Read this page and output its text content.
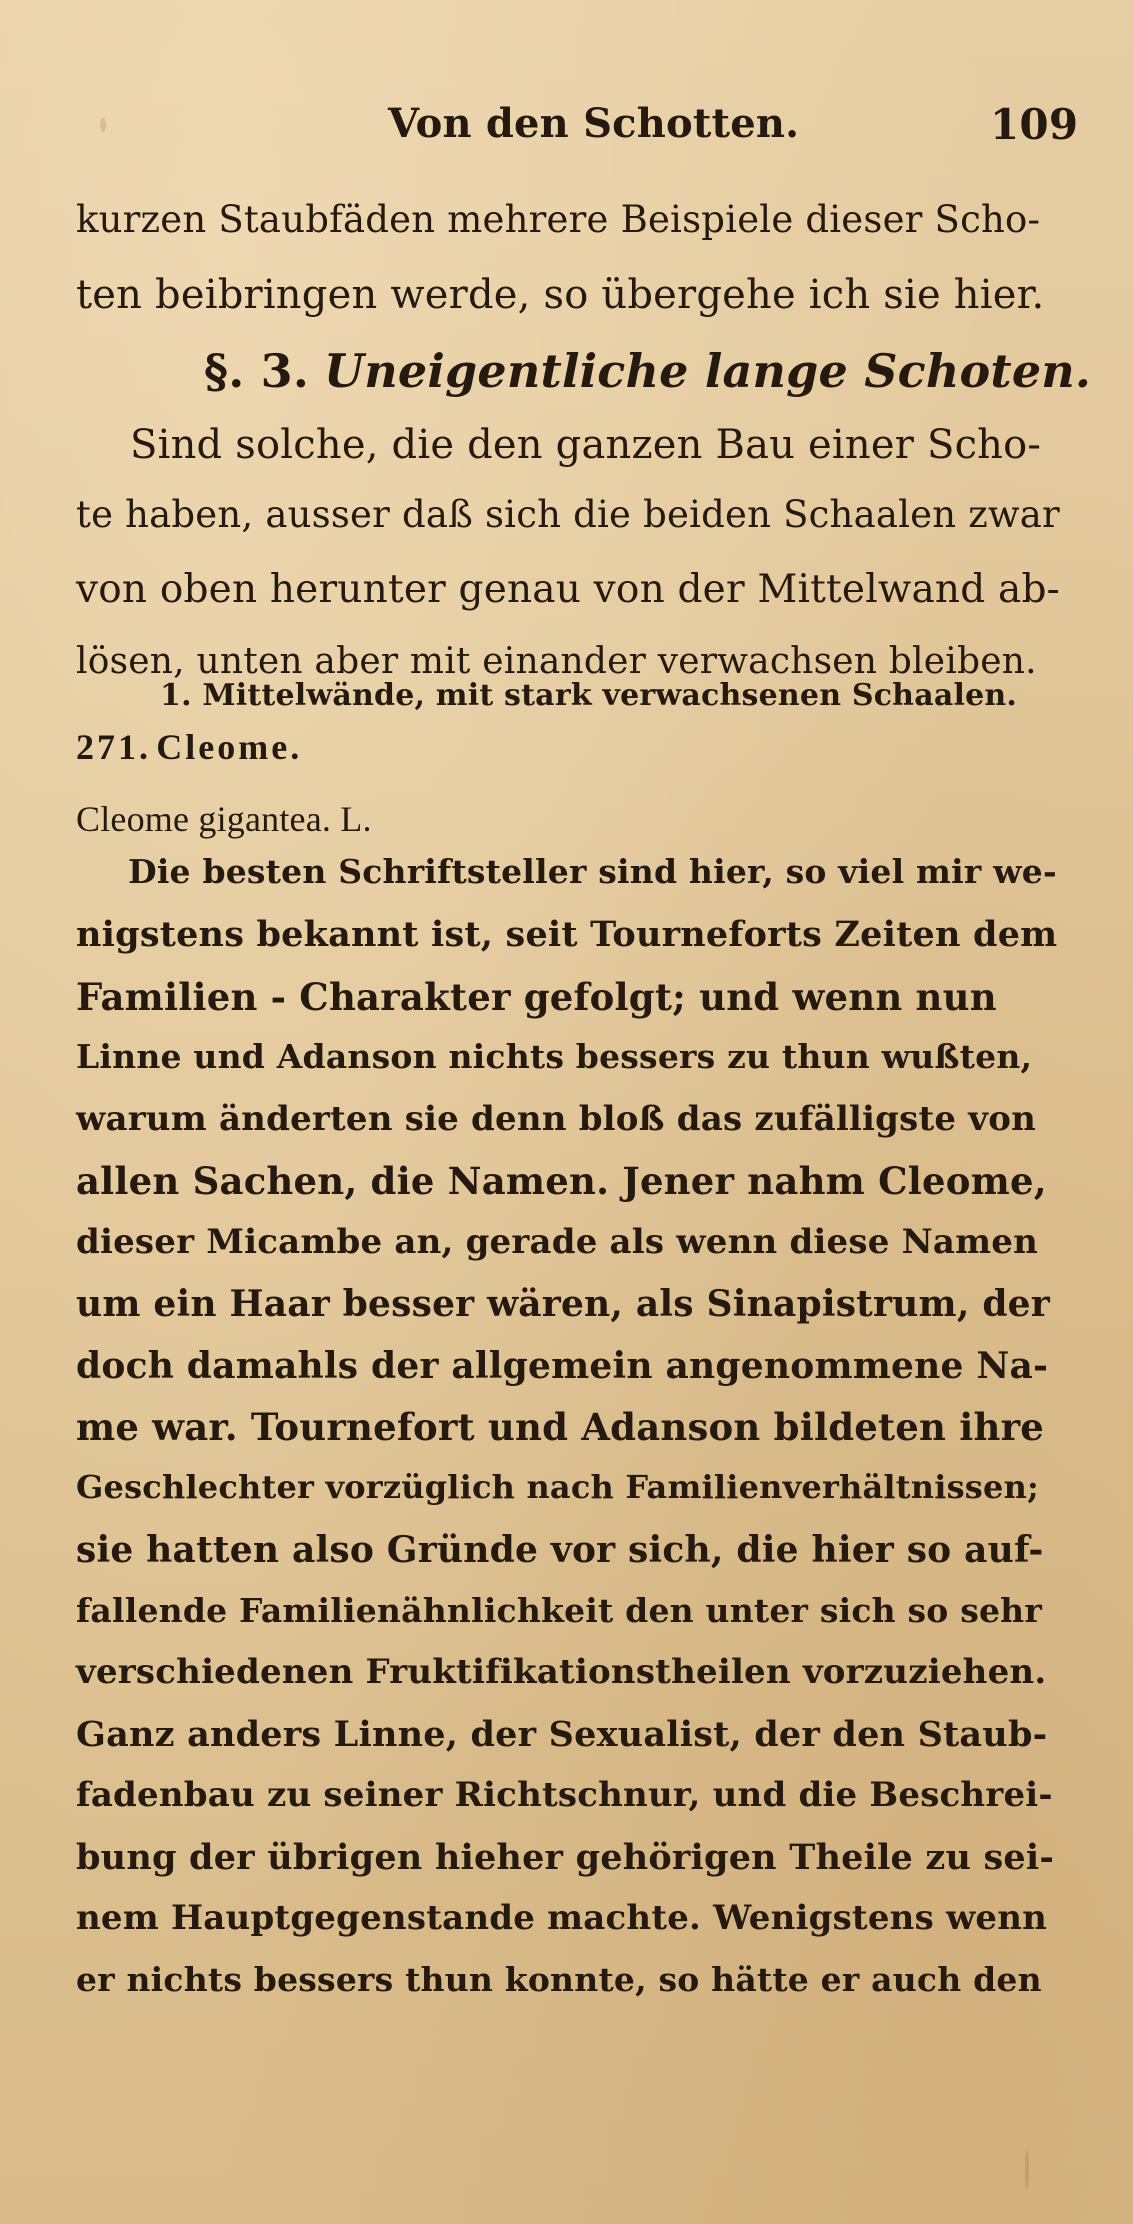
Von den Schotten.	109
kurzen Staubfäden mehrere Beispiele dieser Scho-
ten beibringen werde, so übergehe ich sie hier.
§. 3. Uneigentliche lange Schoten.
Sind solche, die den ganzen Bau einer Scho-
te haben, ausser daß sich die beiden Schaalen zwar
von oben herunter genau von der Mittelwand ab-
lösen, unten aber mit einander verwachsen bleiben.
1. Mittelwände, mit stark verwachsenen Schaalen.
271. Cleome.
Cleome gigantea. L.
Die besten Schriftsteller sind hier, so viel mir we-
nigstens bekannt ist, seit Tourneforts Zeiten dem
Familien - Charakter gefolgt; und wenn nun
Linne und Adanson nichts bessers zu thun wußten,
warum änderten sie denn bloß das zufälligste von
allen Sachen, die Namen. Jener nahm Cleome,
dieser Micambe an, gerade als wenn diese Namen
um ein Haar besser wären, als Sinapistrum, der
doch damahls der allgemein angenommene Na-
me war. Tournefort und Adanson bildeten ihre
Geschlechter vorzüglich nach Familienverhältnissen;
sie hatten also Gründe vor sich, die hier so auf-
fallende Familienähnlichkeit den unter sich so sehr
verschiedenen Fruktifikationstheilen vorzuziehen.
Ganz anders Linne, der Sexualist, der den Staub-
fadenbau zu seiner Richtschnur, und die Beschrei-
bung der übrigen hieher gehörigen Theile zu sei-
nem Hauptgegenstande machte. Wenigstens wenn
er nichts bessers thun konnte, so hätte er auch den
